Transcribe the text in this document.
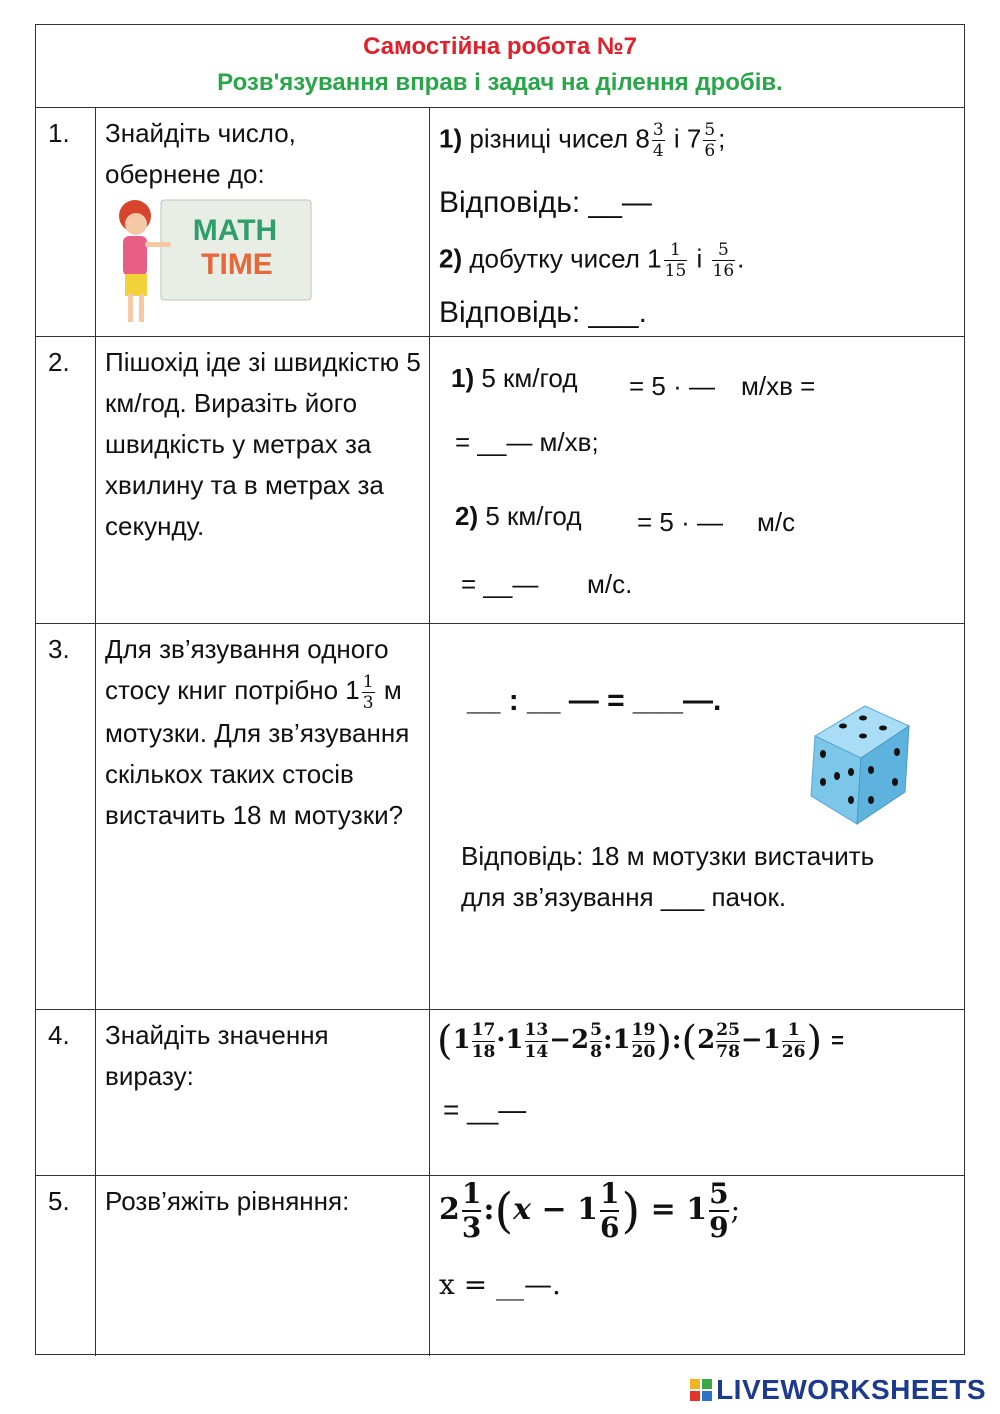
Самостійна робота №7
Розв'язування вправ і задач на ділення дробів.
1. Знайдіть число, обернене до:
MATH
TIME
1) різниці чисел $8 \frac{3}{4}$ і $7 \frac{5}{6}$ ;
Відповідь: __—
2) добутку чисел $1 \frac{1}{15}$ і $\frac{5}{16}$ .
Відповідь: ___.
2. Пішохід іде зі швидкістю 5 км/год. Виразіть його швидкість у метрах за хвилину та в метрах за секунду.
1) 5 км/год = 5 · — м/хв =
= __— м/хв;
2) 5 км/год = 5 · — м/с
= __— м/с.
3. Для зв’язування одного стосу книг потрібно $1 \frac{1}{3}$ м мотузки. Для зв’язування скількох таких стосів вистачить 18 м мотузки?
__ : __ — = ___—.
Відповідь: 18 м мотузки вистачить для зв’язування ___ пачок.
4. Знайдіть значення виразу:
($1 \frac{17}{18} \cdot 1 \frac{13}{14} -2 \frac{5}{8}$ :1 $\frac{19}{20}$ ):(2 $\frac{25}{78} -1 \frac{1}{26}$ ) =
= __—
5. Розв’яжіть рівняння:	$2 \frac{1}{3}$ :(x − $1 \frac{1}{6}$ ) = $1 \frac{5}{9}$ ;
x = __—.
LIVEWORKSHEETS
